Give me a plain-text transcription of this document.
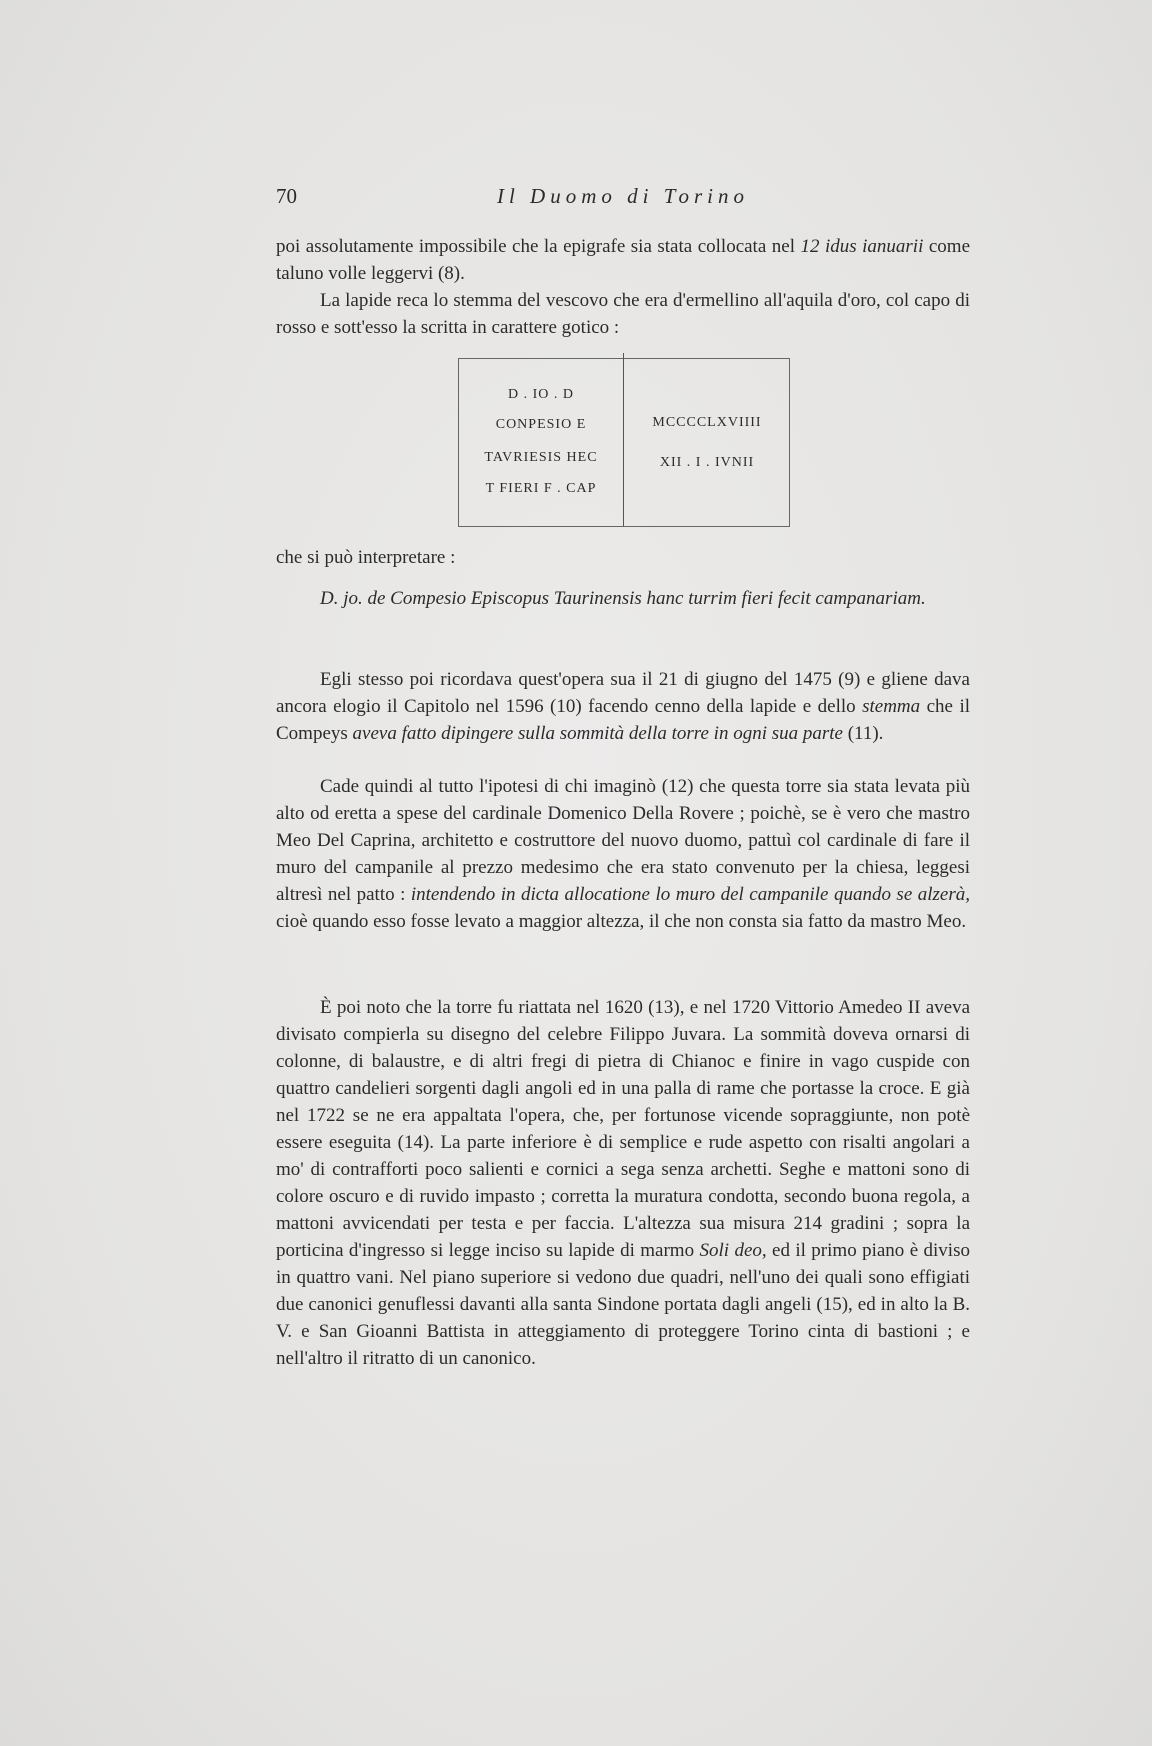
70	Il Duomo di Torino

poi assolutamente impossibile che la epigrafe sia stata collocata nel 12 idus ianuarii come taluno volle leggervi (8).

La lapide reca lo stemma del vescovo che era d'ermellino all'aquila d'oro, col capo di rosso e sott'esso la scritta in carattere gotico :

D . IO . D
CONPESIO E
TAVRIESIS HEC
T FIERI F . CAP
MCCCCLXVIIII
XII . I . IVNII

che si può interpretare :

D. jo. de Compesio Episcopus Taurinensis hanc turrim fieri fecit campanariam.

Egli stesso poi ricordava quest'opera sua il 21 di giugno del 1475 (9) e gliene dava ancora elogio il Capitolo nel 1596 (10) facendo cenno della lapide e dello stemma che il Compeys aveva fatto dipingere sulla sommità della torre in ogni sua parte (11).

Cade quindi al tutto l'ipotesi di chi imaginò (12) che questa torre sia stata levata più alto od eretta a spese del cardinale Domenico Della Rovere ; poichè, se è vero che mastro Meo Del Caprina, architetto e costruttore del nuovo duomo, pattuì col cardinale di fare il muro del campanile al prezzo medesimo che era stato convenuto per la chiesa, leggesi altresì nel patto : intendendo in dicta allocatione lo muro del campanile quando se alzerà, cioè quando esso fosse levato a maggior altezza, il che non consta sia fatto da mastro Meo.

È poi noto che la torre fu riattata nel 1620 (13), e nel 1720 Vittorio Amedeo II aveva divisato compierla su disegno del celebre Filippo Juvara. La sommità doveva ornarsi di colonne, di balaustre, e di altri fregi di pietra di Chianoc e finire in vago cuspide con quattro candelieri sorgenti dagli angoli ed in una palla di rame che portasse la croce. E già nel 1722 se ne era appaltata l'opera, che, per fortunose vicende sopraggiunte, non potè essere eseguita (14). La parte inferiore è di semplice e rude aspetto con risalti angolari a mo' di contrafforti poco salienti e cornici a sega senza archetti. Seghe e mattoni sono di colore oscuro e di ruvido impasto ; corretta la muratura condotta, secondo buona regola, a mattoni avvicendati per testa e per faccia. L'altezza sua misura 214 gradini ; sopra la porticina d'ingresso si legge inciso su lapide di marmo Soli deo, ed il primo piano è diviso in quattro vani. Nel piano superiore si vedono due quadri, nell'uno dei quali sono effigiati due canonici genuflessi davanti alla santa Sindone portata dagli angeli (15), ed in alto la B. V. e San Gioanni Battista in atteggiamento di proteggere Torino cinta di bastioni ; e nell'altro il ritratto di un canonico.
